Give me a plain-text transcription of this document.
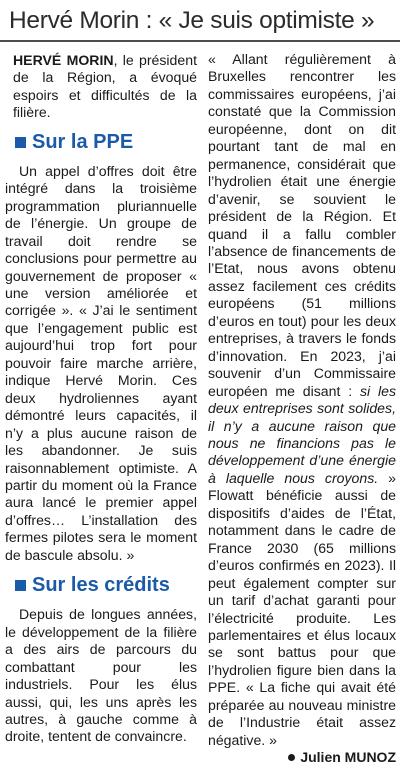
Hervé Morin : « Je suis optimiste »

HERVÉ MORIN, le président de la Région, a évoqué espoirs et difficultés de la filière.

Sur la PPE

Un appel d’offres doit être intégré dans la troisième programmation pluriannuelle de l’énergie. Un groupe de travail doit rendre se conclusions pour permettre au gouvernement de proposer « une version améliorée et corrigée ». « J’ai le sentiment que l’engagement public est aujourd’hui trop fort pour pouvoir faire marche arrière, indique Hervé Morin. Ces deux hydroliennes ayant démontré leurs capacités, il n’y a plus aucune raison de les abandonner. Je suis raisonnablement optimiste. A partir du moment où la France aura lancé le premier appel d’offres… L’installation des fermes pilotes sera le moment de bascule absolu. »

Sur les crédits

Depuis de longues années, le développement de la filière a des airs de parcours du combattant pour les industriels. Pour les élus aussi, qui, les uns après les autres, à gauche comme à droite, tentent de convaincre.

« Allant régulièrement à Bruxelles rencontrer les commissaires européens, j’ai constaté que la Commission européenne, dont on dit pourtant tant de mal en permanence, considérait que l’hydrolien était une énergie d’avenir, se souvient le président de la Région. Et quand il a fallu combler l’absence de financements de l’Etat, nous avons obtenu assez facilement ces crédits européens (51 millions d’euros en tout) pour les deux entreprises, à travers le fonds d’innovation. En 2023, j’ai souvenir d’un Commissaire européen me disant : si les deux entreprises sont solides, il n’y a aucune raison que nous ne financions pas le développement d’une énergie à laquelle nous croyons. » Flowatt bénéficie aussi de dispositifs d’aides de l’État, notamment dans le cadre de France 2030 (65 millions d’euros confirmés en 2023). Il peut également compter sur un tarif d’achat garanti pour l’électricité produite. Les parlementaires et élus locaux se sont battus pour que l’hydrolien figure bien dans la PPE. « La fiche qui avait été préparée au nouveau ministre de l’Industrie était assez négative. »

Julien MUNOZ
